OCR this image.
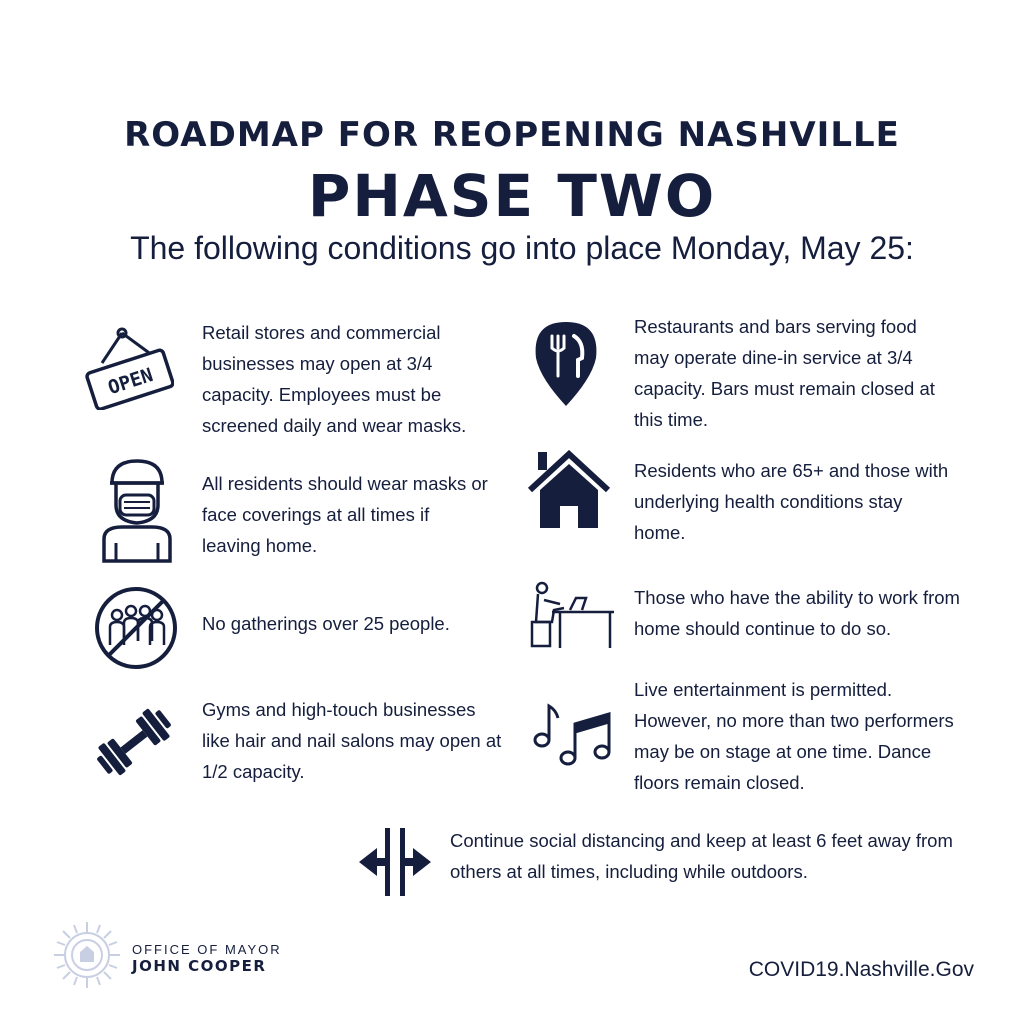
ROADMAP FOR REOPENING NASHVILLE
PHASE TWO
The following conditions go into place Monday, May 25:
OPEN
Retail stores and commercial businesses may open at 3/4 capacity. Employees must be screened daily and wear masks.
All residents should wear masks or face coverings at all times if leaving home.
No gatherings over 25 people.
Gyms and high-touch businesses like hair and nail salons may open at 1/2 capacity.
Restaurants and bars serving food may operate dine-in service at 3/4 capacity. Bars must remain closed at this time.
Residents who are 65+ and those with underlying health conditions stay home.
Those who have the ability to work from home should continue to do so.
Live entertainment is permitted. However, no more than two performers may be on stage at one time. Dance floors remain closed.
Continue social distancing and keep at least 6 feet away from others at all times, including while outdoors.
OFFICE OF MAYOR
JOHN COOPER	COVID19.Nashville.Gov
